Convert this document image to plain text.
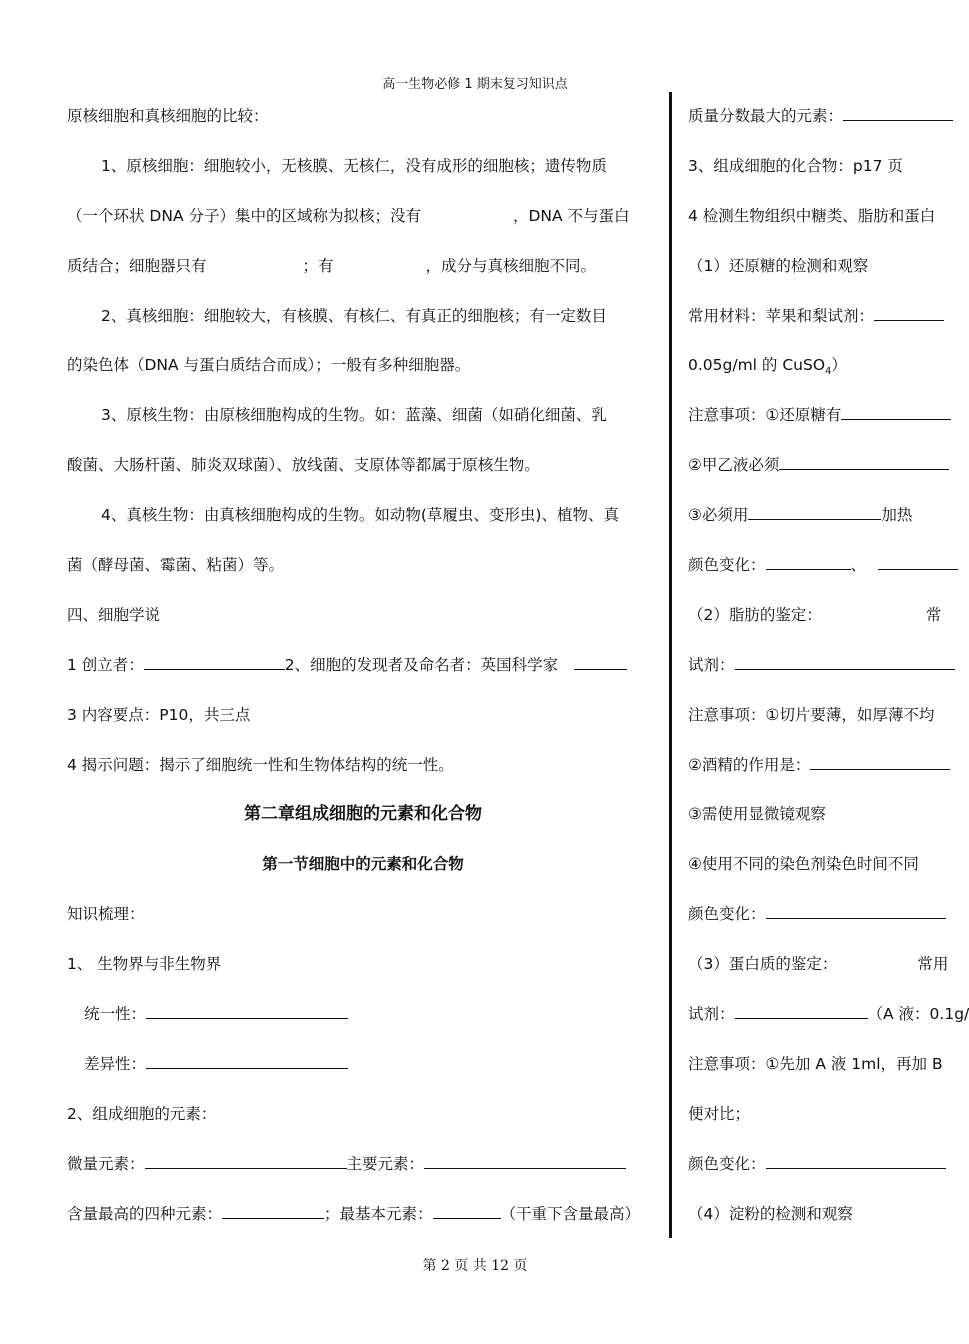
高一生物必修 1 期末复习知识点
原核细胞和真核细胞的比较：
1、原核细胞：细胞较小，无核膜、无核仁，没有成形的细胞核；遗传物质
（一个环状 DNA 分子）集中的区域称为拟核；没有	，DNA 不与蛋白
质结合；细胞器只有	；有	，成分与真核细胞不同。
2、真核细胞：细胞较大，有核膜、有核仁、有真正的细胞核；有一定数目
的染色体（DNA 与蛋白质结合而成）；一般有多种细胞器。
3、原核生物：由原核细胞构成的生物。如：蓝藻、细菌（如硝化细菌、乳
酸菌、大肠杆菌、肺炎双球菌）、放线菌、支原体等都属于原核生物。
4、真核生物：由真核细胞构成的生物。如动物(草履虫、变形虫)、植物、真
菌（酵母菌、霉菌、粘菌）等。
四、细胞学说
1 创立者：	2、细胞的发现者及命名者：英国科学家
3 内容要点：P10，共三点
4 揭示问题：揭示了细胞统一性和生物体结构的统一性。
第二章组成细胞的元素和化合物
第一节细胞中的元素和化合物
知识梳理：
1、 生物界与非生物界
统一性：
差异性：
2、组成细胞的元素：
微量元素：	主要元素：
含量最高的四种元素：	；最基本元素：	（干重下含量最高）
质量分数最大的元素：
3、组成细胞的化合物：p17 页
4 检测生物组织中糖类、脂肪和蛋白
（1）还原糖的检测和观察
常用材料：苹果和梨试剂：
0.05g/ml 的 CuSO$_4$）
注意事项：①还原糖有
②甲乙液必须
③必须用	加热
颜色变化：	、
（2）脂肪的鉴定：	常
试剂：
注意事项：①切片要薄，如厚薄不均
②酒精的作用是：
③需使用显微镜观察
④使用不同的染色剂染色时间不同
颜色变化：
（3）蛋白质的鉴定：	常用
试剂：	（A 液：0.1g/
注意事项：①先加 A 液 1ml，再加 B
便对比；
颜色变化：
（4）淀粉的检测和观察
第 2 页 共 12 页
